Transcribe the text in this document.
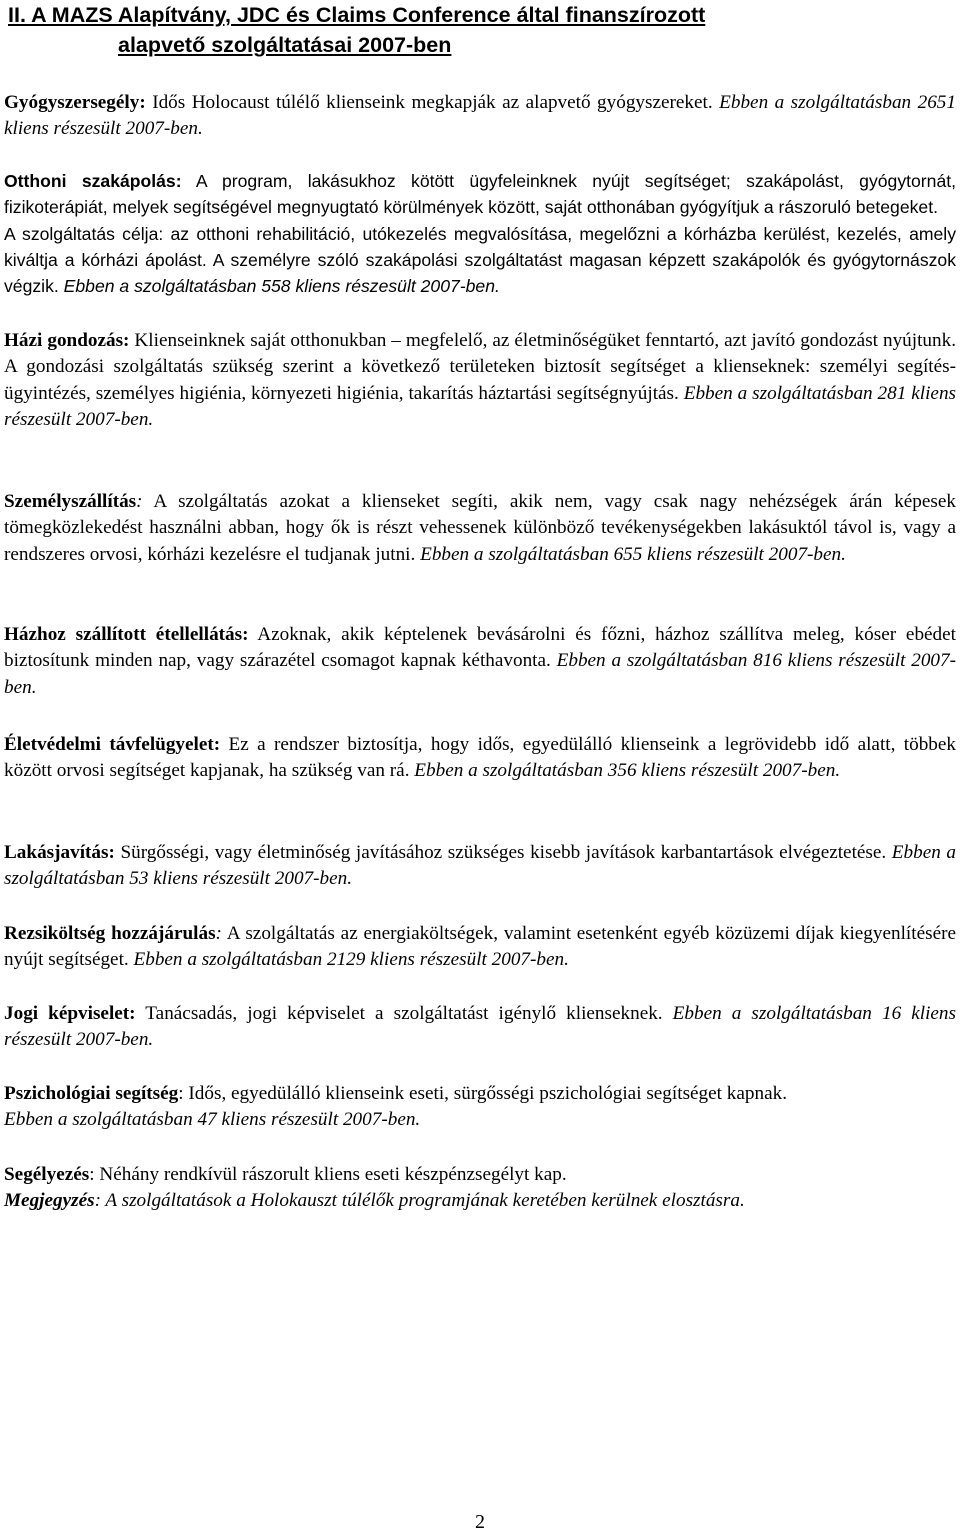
II. A MAZS Alapítvány, JDC és Claims Conference által finanszírozott
alapvető szolgáltatásai 2007-ben

Gyógyszersegély: Idős Holocaust túlélő klienseink megkapják az alapvető gyógyszereket. Ebben a szolgáltatásban 2651 kliens részesült 2007-ben.

Otthoni szakápolás: A program, lakásukhoz kötött ügyfeleinknek nyújt segítséget; szakápolást, gyógytornát, fizikoterápiát, melyek segítségével megnyugtató körülmények között, saját otthonában gyógyítjuk a rászoruló betegeket.
A szolgáltatás célja: az otthoni rehabilitáció, utókezelés megvalósítása, megelőzni a kórházba kerülést, kezelés, amely kiváltja a kórházi ápolást. A személyre szóló szakápolási szolgáltatást magasan képzett szakápolók és gyógytornászok végzik. Ebben a szolgáltatásban 558 kliens részesült 2007-ben.

Házi gondozás: Klienseinknek saját otthonukban – megfelelő, az életminőségüket fenntartó, azt javító gondozást nyújtunk. A gondozási szolgáltatás szükség szerint a következő területeken biztosít segítséget a klienseknek: személyi segítés-ügyintézés, személyes higiénia, környezeti higiénia, takarítás háztartási segítségnyújtás. Ebben a szolgáltatásban 281 kliens részesült 2007-ben.

Személyszállítás: A szolgáltatás azokat a klienseket segíti, akik nem, vagy csak nagy nehézségek árán képesek tömegközlekedést használni abban, hogy ők is részt vehessenek különböző tevékenységekben lakásuktól távol is, vagy a rendszeres orvosi, kórházi kezelésre el tudjanak jutni. Ebben a szolgáltatásban 655 kliens részesült 2007-ben.

Házhoz szállított étellellátás: Azoknak, akik képtelenek bevásárolni és főzni, házhoz szállítva meleg, kóser ebédet biztosítunk minden nap, vagy szárazétel csomagot kapnak kéthavonta. Ebben a szolgáltatásban 816 kliens részesült 2007-ben.

Életvédelmi távfelügyelet: Ez a rendszer biztosítja, hogy idős, egyedülálló klienseink a legrövidebb idő alatt, többek között orvosi segítséget kapjanak, ha szükség van rá. Ebben a szolgáltatásban 356 kliens részesült 2007-ben.

Lakásjavítás: Sürgősségi, vagy életminőség javításához szükséges kisebb javítások karbantartások elvégeztetése. Ebben a szolgáltatásban 53 kliens részesült 2007-ben.

Rezsiköltség hozzájárulás: A szolgáltatás az energiaköltségek, valamint esetenként egyéb közüzemi díjak kiegyenlítésére nyújt segítséget. Ebben a szolgáltatásban 2129 kliens részesült 2007-ben.

Jogi képviselet: Tanácsadás, jogi képviselet a szolgáltatást igénylő klienseknek. Ebben a szolgáltatásban 16 kliens részesült 2007-ben.

Pszichológiai segítség: Idős, egyedülálló klienseink eseti, sürgősségi pszichológiai segítséget kapnak.
Ebben a szolgáltatásban 47 kliens részesült 2007-ben.

Segélyezés: Néhány rendkívül rászorult kliens eseti készpénzsegélyt kap.
Megjegyzés: A szolgáltatások a Holokauszt túlélők programjának keretében kerülnek elosztásra.

2
